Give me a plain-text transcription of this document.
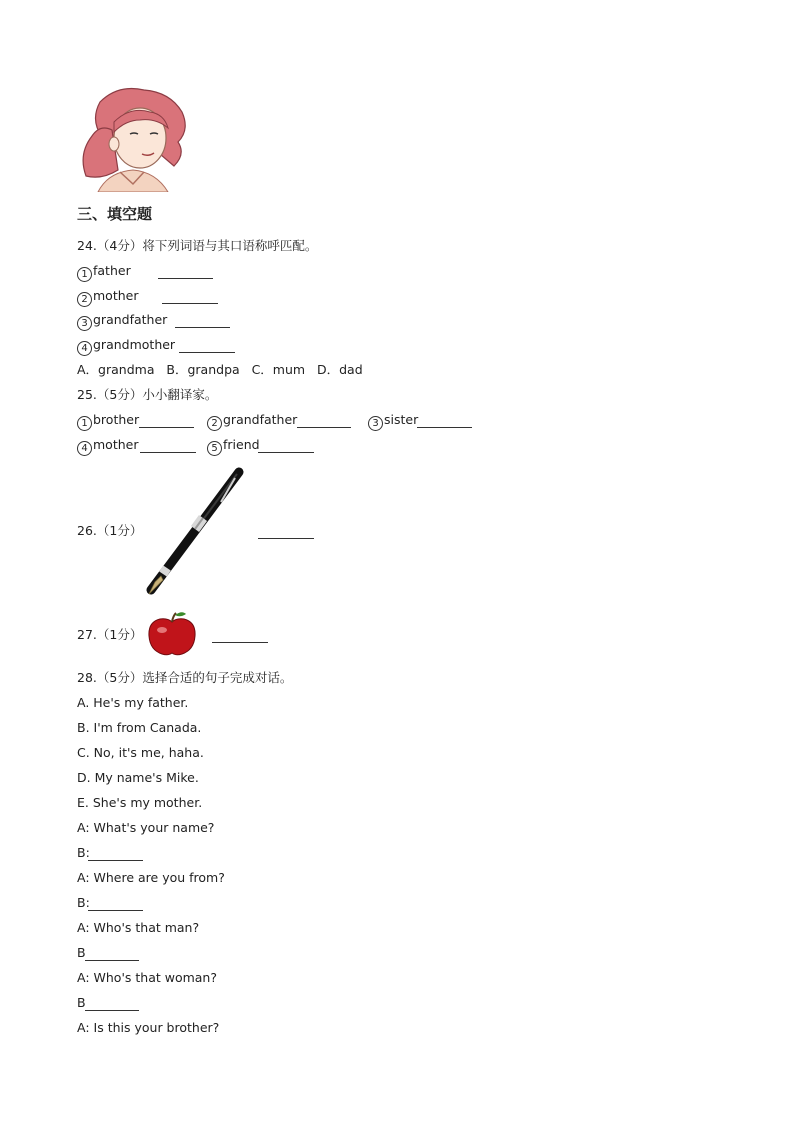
三、填空题
24.（4分）将下列词语与其口语称呼匹配。
1 father
2 mother
3 grandfather
4 grandmother
A．grandma   B．grandpa   C．mum   D．dad
25.（5分）小小翻译家。
1 brother	2 grandfather	3 sister
4 mother	5 friend
26.（1分）
27.（1分）
28.（5分）选择合适的句子完成对话。
A. He's my father.
B. I'm from Canada.
C. No, it's me, haha.
D. My name's Mike.
E. She's my mother.
A: What's your name?
B:
A: Where are you from?
B:
A: Who's that man?
B
A: Who's that woman?
B
A: Is this your brother?
